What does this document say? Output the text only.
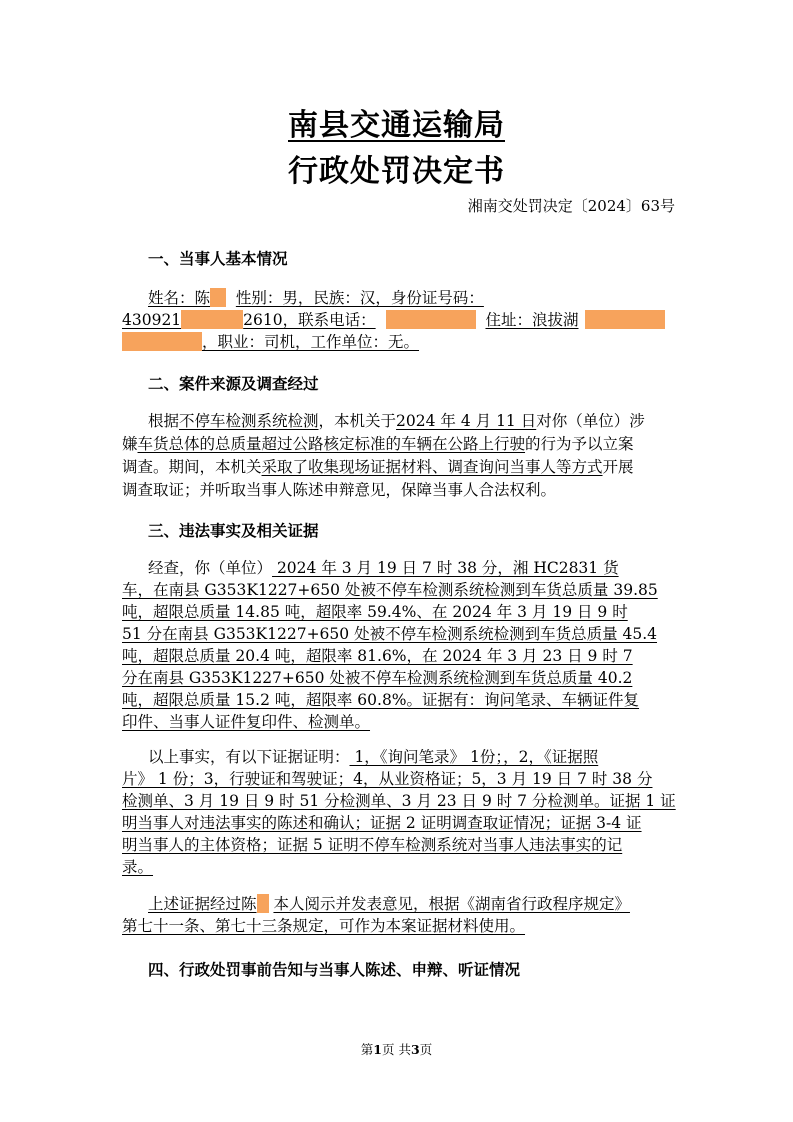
南县交通运输局
行政处罚决定书
湘南交处罚决定〔2024〕63号
一、当事人基本情况
姓名：陈 性别：男，民族：汉，身份证号码：
430921	2610，联系电话：	住址：浪拔湖
，职业：司机，工作单位：无。
二、案件来源及调查经过
根据不停车检测系统检测，本机关于2024 年 4 月 11 日对你（单位）涉
嫌车货总体的总质量超过公路核定标准的车辆在公路上行驶的行为予以立案
调查。期间，本机关采取了收集现场证据材料、调查询问当事人等方式开展
调查取证；并听取当事人陈述申辩意见，保障当事人合法权利。
三、违法事实及相关证据
经查，你（单位） 2024 年 3 月 19 日 7 时 38 分，湘 HC2831 货
车，在南县 G353K1227+650 处被不停车检测系统检测到车货总质量 39.85
吨，超限总质量 14.85 吨，超限率 59.4%、在 2024 年 3 月 19 日 9 时
51 分在南县 G353K1227+650 处被不停车检测系统检测到车货总质量 45.4
吨，超限总质量 20.4 吨，超限率 81.6%，在 2024 年 3 月 23 日 9 时 7
分在南县 G353K1227+650 处被不停车检测系统检测到车货总质量 40.2
吨，超限总质量 15.2 吨，超限率 60.8%。证据有：询问笔录、车辆证件复
印件、当事人证件复印件、检测单。
以上事实，有以下证据证明： 1，《询问笔录》 1份；，2，《证据照
片》 1 份；3，行驶证和驾驶证；4，从业资格证；5，3 月 19 日 7 时 38 分
检测单、3 月 19 日 9 时 51 分检测单、3 月 23 日 9 时 7 分检测单。证据 1 证
明当事人对违法事实的陈述和确认；证据 2 证明调查取证情况；证据 3-4 证
明当事人的主体资格；证据 5 证明不停车检测系统对当事人违法事实的记
录。
上述证据经过陈 本人阅示并发表意见，根据《湖南省行政程序规定》
第七十一条、第七十三条规定，可作为本案证据材料使用。
四、行政处罚事前告知与当事人陈述、申辩、听证情况
第1页 共3页
